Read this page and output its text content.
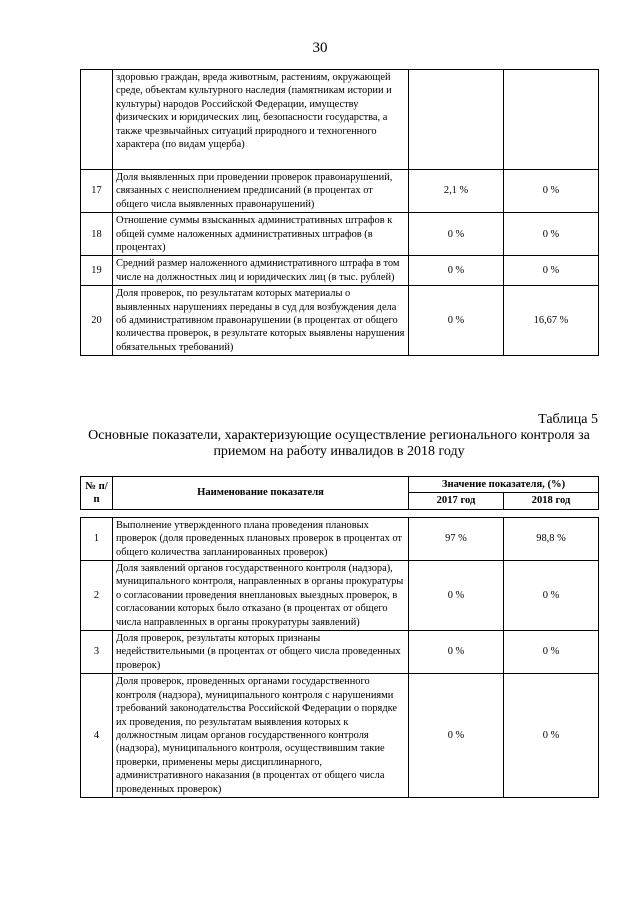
30
	здоровью граждан, вреда животным, растениям, окружающей среде, объектам культурного наследия (памятникам истории и культуры) народов Российской Федерации, имуществу физических и юридических лиц, безопасности государства, а также чрезвычайных ситуаций природного и техногенного характера (по видам ущерба)		
17	Доля выявленных при проведении проверок правонарушений, связанных с неисполнением предписаний (в процентах от общего числа выявленных правонарушений)	2,1 %	0 %
18	Отношение суммы взысканных административных штрафов к общей сумме наложенных административных штрафов (в процентах)	0 %	0 %
19	Средний размер наложенного административного штрафа в том числе на должностных лиц и юридических лиц (в тыс. рублей)	0 %	0 %
20	Доля проверок, по результатам которых материалы о выявленных нарушениях переданы в суд для возбуждения дела об административном правонарушении (в процентах от общего количества проверок, в результате которых выявлены нарушения обязательных требований)	0 %	16,67 %
Таблица 5
Основные показатели, характеризующие осуществление регионального контроля за приемом на работу инвалидов в 2018 году
№ п/п	Наименование показателя	Значение показателя, (%)	
		2017 год	2018 год

1	Выполнение утвержденного плана проведения плановых проверок (доля проведенных плановых проверок в процентах от общего количества запланированных проверок)	97 %	98,8 %
2	Доля заявлений органов государственного контроля (надзора), муниципального контроля, направленных в органы прокуратуры о согласовании проведения внеплановых выездных проверок, в согласовании которых было отказано (в процентах от общего числа направленных в органы прокуратуры заявлений)	0 %	0 %
3	Доля проверок, результаты которых признаны недействительными (в процентах от общего числа проведенных проверок)	0 %	0 %
4	Доля проверок, проведенных органами государственного контроля (надзора), муниципального контроля с нарушениями требований законодательства Российской Федерации о порядке их проведения, по результатам выявления которых к должностным лицам органов государственного контроля (надзора), муниципального контроля, осуществившим такие проверки, применены меры дисциплинарного, административного наказания (в процентах от общего числа проведенных проверок)	0 %	0 %
